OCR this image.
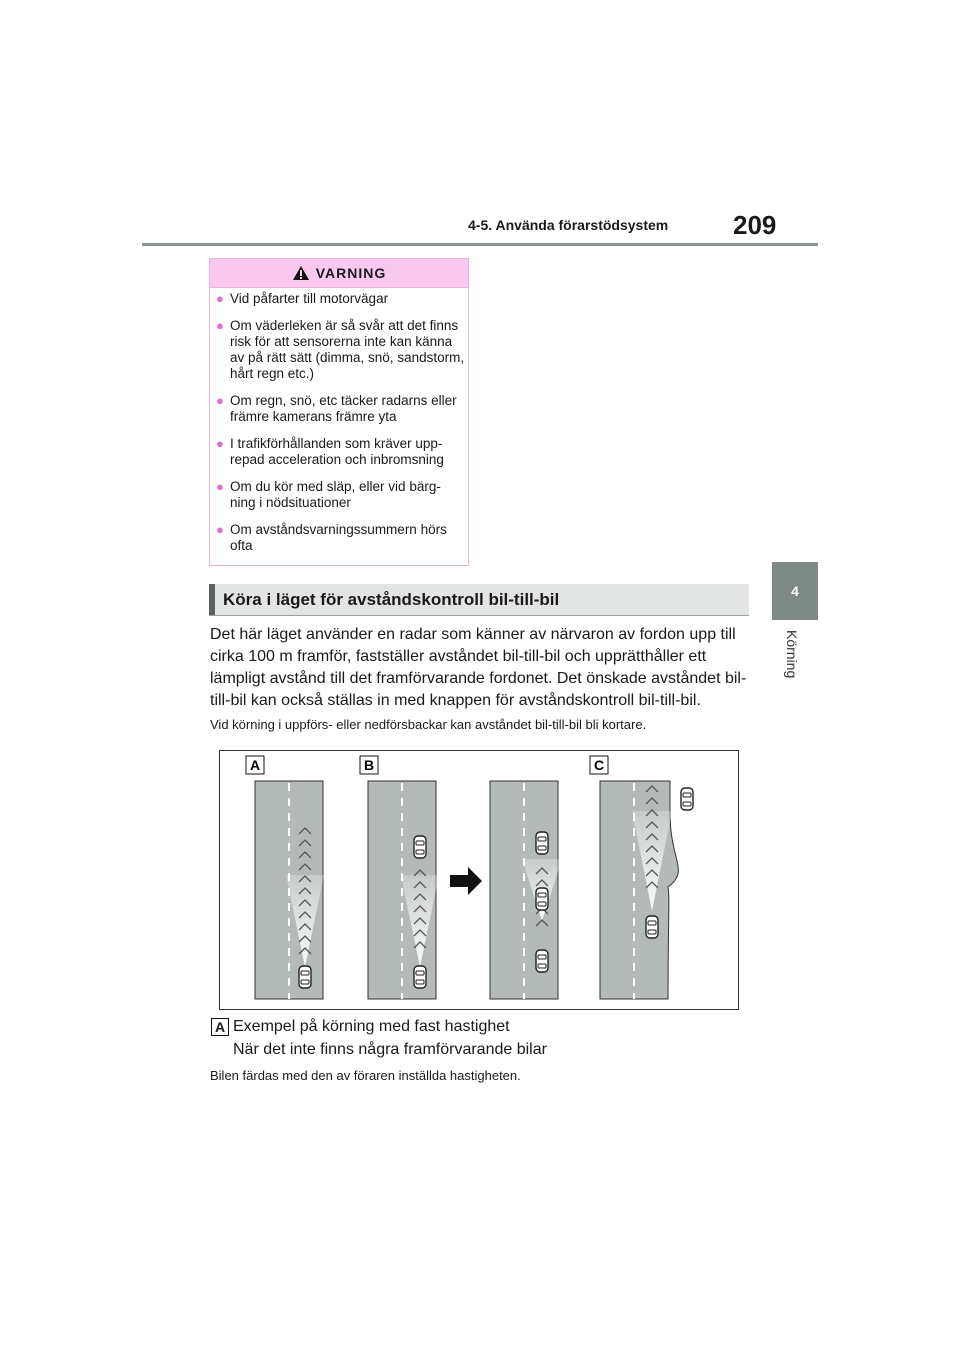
4-5. Använda förarstödsystem 209
4
Körning
VARNING
● Vid påfarter till motorvägar
● Om väderleken är så svår att det finns risk för att sensorerna inte kan känna av på rätt sätt (dimma, snö, sandstorm, hårt regn etc.)
● Om regn, snö, etc täcker radarns eller främre kamerans främre yta
● I trafikförhållanden som kräver upp-repad acceleration och inbromsning
● Om du kör med släp, eller vid bärg-ning i nödsituationer
● Om avståndsvarningssummern hörs ofta
Köra i läget för avståndskontroll bil-till-bil
Det här läget använder en radar som känner av närvaron av fordon upp till cirka 100 m framför, fastställer avståndet bil-till-bil och upprätthåller ett lämpligt avstånd till det framförvarande fordonet. Det önskade avståndet bil-till-bil kan också ställas in med knappen för avståndskontroll bil-till-bil.
Vid körning i uppförs- eller nedförsbackar kan avståndet bil-till-bil bli kortare.
A	B	C
A Exempel på körning med fast hastighet
När det inte finns några framförvarande bilar
Bilen färdas med den av föraren inställda hastigheten.
